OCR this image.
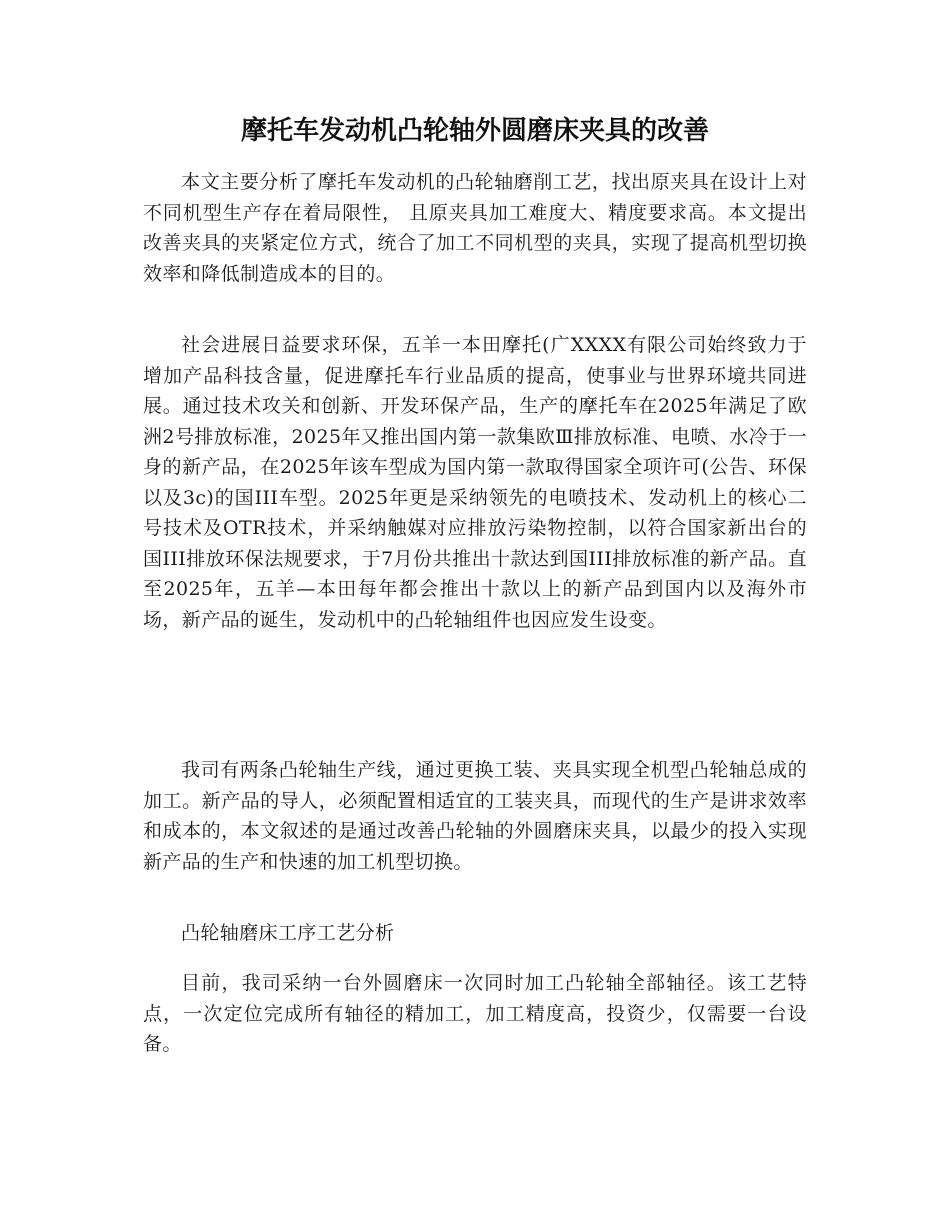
摩托车发动机凸轮轴外圆磨床夹具的改善

本文主要分析了摩托车发动机的凸轮轴磨削工艺，找出原夹具在设计上对不同机型生产存在着局限性， 且原夹具加工难度大、精度要求高。本文提出改善夹具的夹紧定位方式，统合了加工不同机型的夹具，实现了提高机型切换效率和降低制造成本的目的。

社会进展日益要求环保，五羊一本田摩托(广XXXX有限公司始终致力于增加产品科技含量，促进摩托车行业品质的提高，使事业与世界环境共同进展。通过技术攻关和创新、开发环保产品，生产的摩托车在2025年满足了欧洲2号排放标准，2025年又推出国内第一款集欧Ⅲ排放标准、电喷、水冷于一身的新产品，在2025年该车型成为国内第一款取得国家全项许可(公告、环保以及3c)的国III车型。2025年更是采纳领先的电喷技术、发动机上的核心二号技术及OTR技术，并采纳触媒对应排放污染物控制，以符合国家新出台的国III排放环保法规要求，于7月份共推出十款达到国III排放标准的新产品。直至2025年，五羊—本田每年都会推出十款以上的新产品到国内以及海外市场，新产品的诞生，发动机中的凸轮轴组件也因应发生设变。

我司有两条凸轮轴生产线，通过更换工装、夹具实现全机型凸轮轴总成的加工。新产品的导人，必须配置相适宜的工装夹具，而现代的生产是讲求效率和成本的，本文叙述的是通过改善凸轮轴的外圆磨床夹具，以最少的投入实现新产品的生产和快速的加工机型切换。

凸轮轴磨床工序工艺分析

目前，我司采纳一台外圆磨床一次同时加工凸轮轴全部轴径。该工艺特点，一次定位完成所有轴径的精加工，加工精度高，投资少，仅需要一台设备。
